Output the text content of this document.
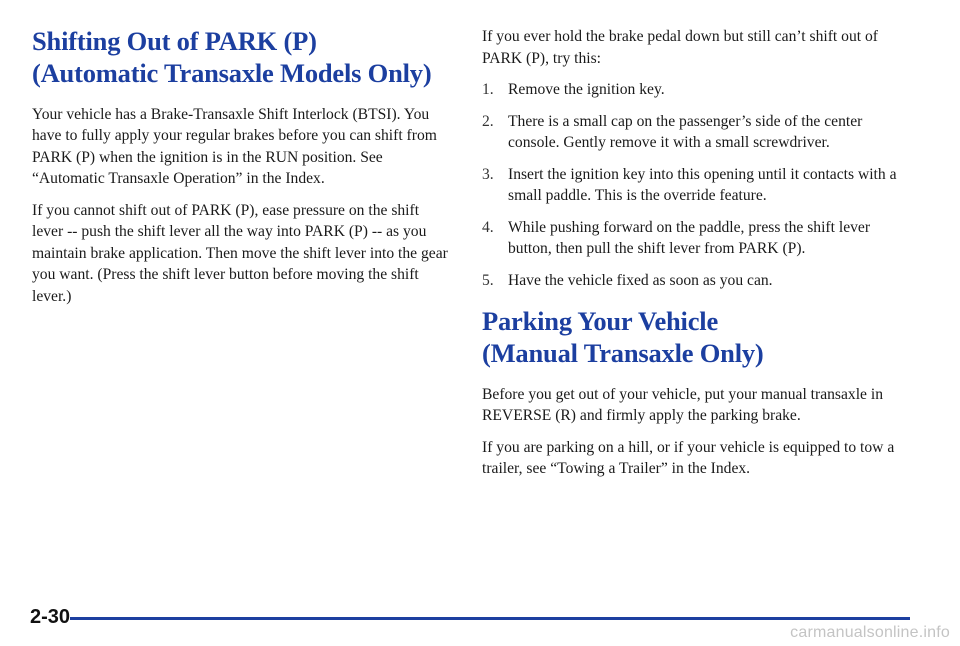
Shifting Out of PARK (P)
(Automatic Transaxle Models Only)

Your vehicle has a Brake-Transaxle Shift Interlock (BTSI). You have to fully apply your regular brakes before you can shift from PARK (P) when the ignition is in the RUN position. See “Automatic Transaxle Operation” in the Index.

If you cannot shift out of PARK (P), ease pressure on the shift lever -- push the shift lever all the way into PARK (P) -- as you maintain brake application. Then move the shift lever into the gear you want. (Press the shift lever button before moving the shift lever.)

If you ever hold the brake pedal down but still can’t shift out of PARK (P), try this:

1. Remove the ignition key.
2. There is a small cap on the passenger’s side of the center console. Gently remove it with a small screwdriver.
3. Insert the ignition key into this opening until it contacts with a small paddle. This is the override feature.
4. While pushing forward on the paddle, press the shift lever button, then pull the shift lever from PARK (P).
5. Have the vehicle fixed as soon as you can.
Parking Your Vehicle
(Manual Transaxle Only)

Before you get out of your vehicle, put your manual transaxle in REVERSE (R) and firmly apply the parking brake.

If you are parking on a hill, or if your vehicle is equipped to tow a trailer, see “Towing a Trailer” in the Index.

2-30
carmanualsonline.info
